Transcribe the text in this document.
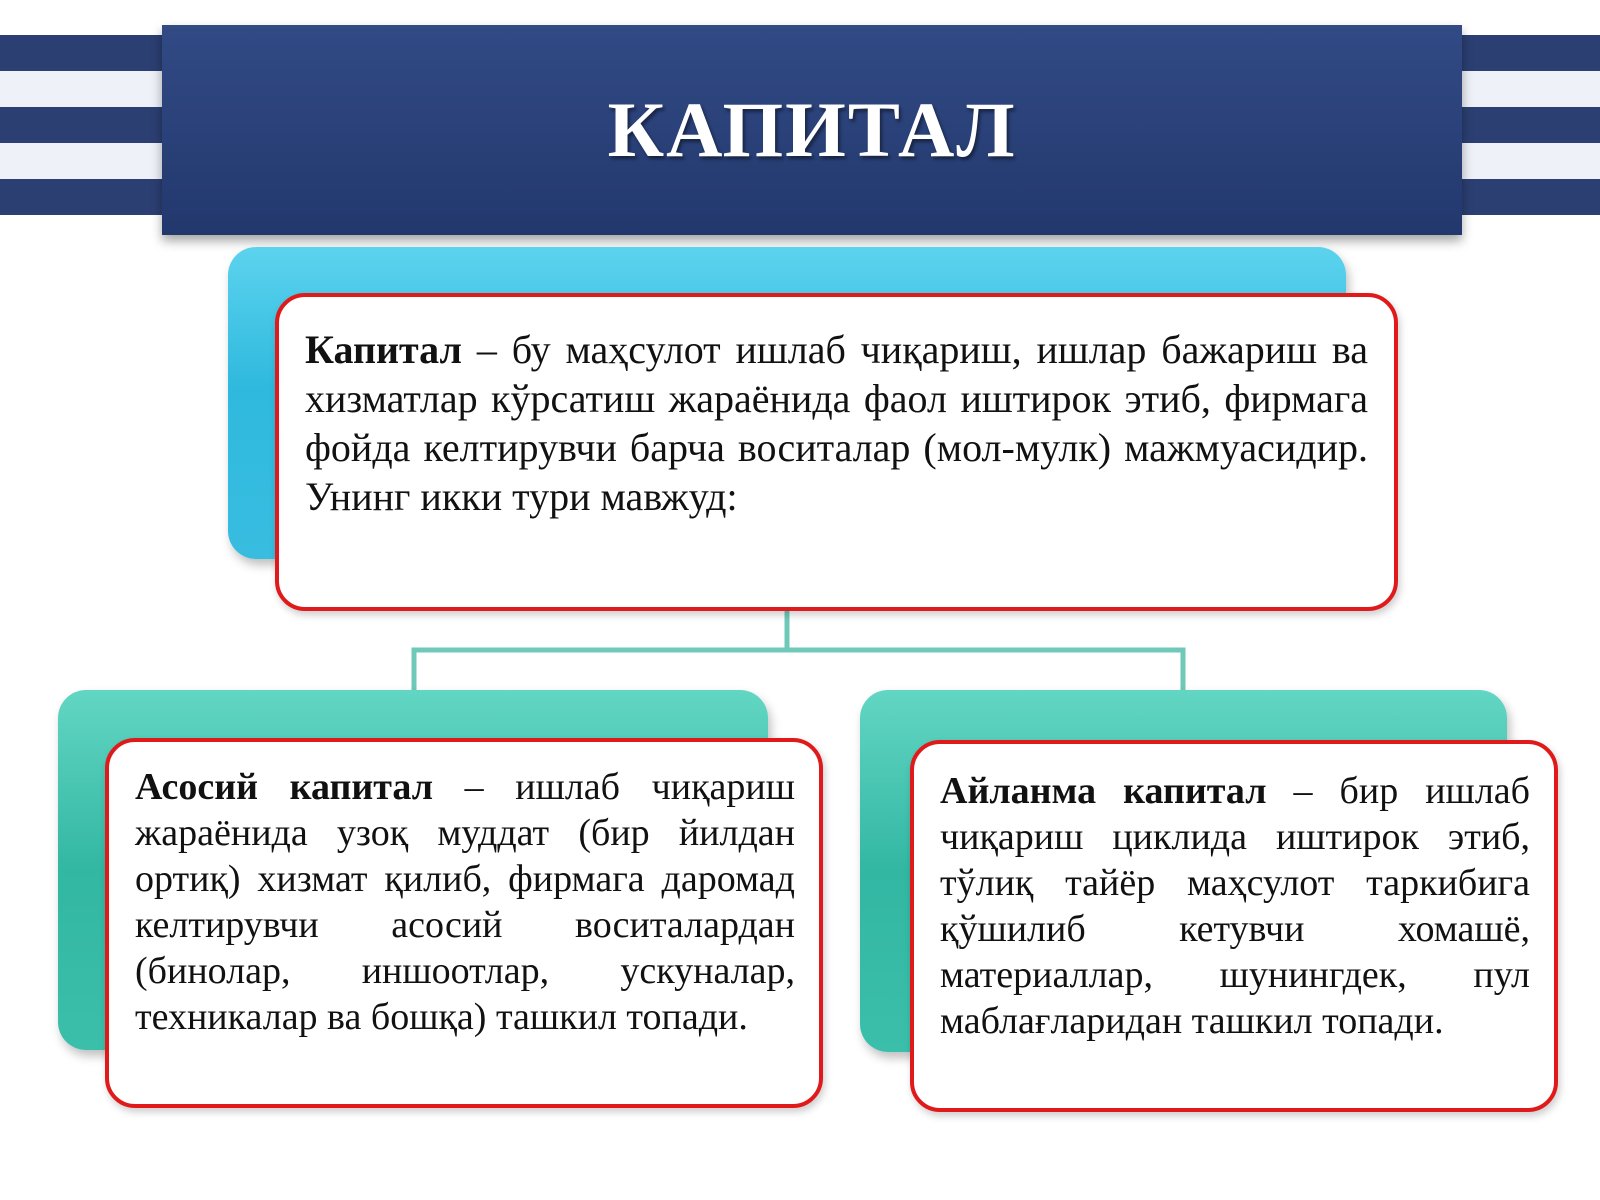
КАПИТАЛ
Капитал – бу маҳсулот ишлаб чиқариш, ишлар бажариш ва хизматлар кўрсатиш жараёнида фаол иштирок этиб, фирмага фойда келтирувчи барча воситалар (мол-мулк) мажмуасидир. Унинг икки тури мавжуд:
Асосий капитал – ишлаб чиқариш жараёнида узоқ муддат (бир йилдан ортиқ) хизмат қилиб, фирмага даромад келтирувчи асосий воситалардан (бинолар, иншоотлар, ускуналар, техникалар ва бошқа) ташкил топади.
Айланма капитал – бир ишлаб чиқариш циклида иштирок этиб, тўлиқ тайёр маҳсулот таркибига қўшилиб кетувчи хомашё, материаллар, шунингдек, пул маблағларидан ташкил топади.
